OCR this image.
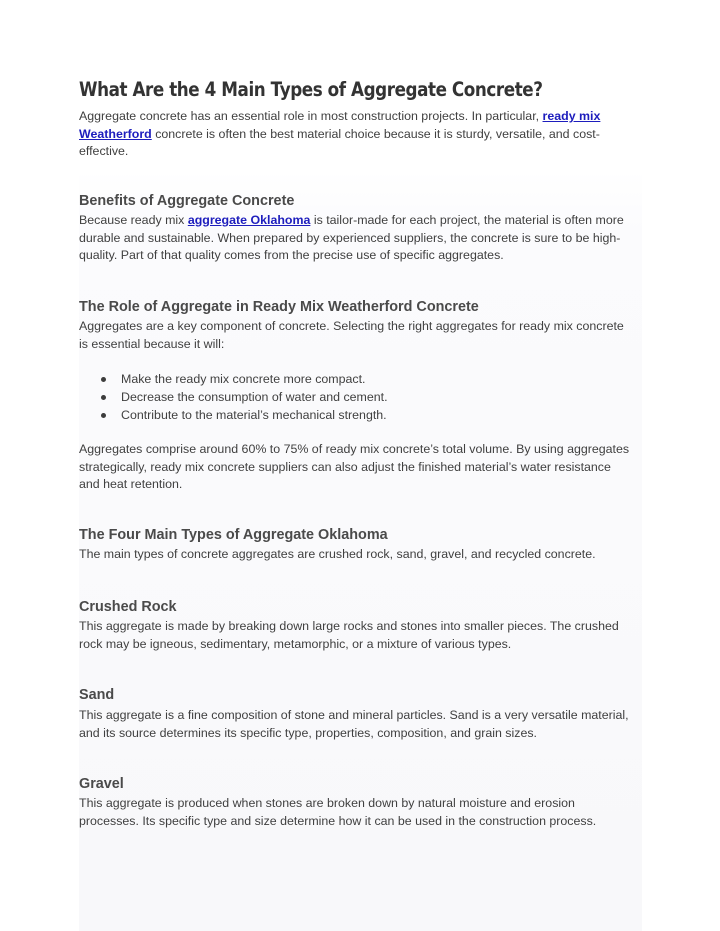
What Are the 4 Main Types of Aggregate Concrete?

Aggregate concrete has an essential role in most construction projects. In particular, ready mix Weatherford concrete is often the best material choice because it is sturdy, versatile, and cost-effective.

Benefits of Aggregate Concrete

Because ready mix aggregate Oklahoma is tailor-made for each project, the material is often more durable and sustainable. When prepared by experienced suppliers, the concrete is sure to be high-quality. Part of that quality comes from the precise use of specific aggregates.

The Role of Aggregate in Ready Mix Weatherford Concrete

Aggregates are a key component of concrete. Selecting the right aggregates for ready mix concrete is essential because it will:

Make the ready mix concrete more compact.
Decrease the consumption of water and cement.
Contribute to the material’s mechanical strength.

Aggregates comprise around 60% to 75% of ready mix concrete’s total volume. By using aggregates strategically, ready mix concrete suppliers can also adjust the finished material’s water resistance and heat retention.

The Four Main Types of Aggregate Oklahoma

The main types of concrete aggregates are crushed rock, sand, gravel, and recycled concrete.

Crushed Rock

This aggregate is made by breaking down large rocks and stones into smaller pieces. The crushed rock may be igneous, sedimentary, metamorphic, or a mixture of various types.

Sand

This aggregate is a fine composition of stone and mineral particles. Sand is a very versatile material, and its source determines its specific type, properties, composition, and grain sizes.

Gravel

This aggregate is produced when stones are broken down by natural moisture and erosion processes. Its specific type and size determine how it can be used in the construction process.
